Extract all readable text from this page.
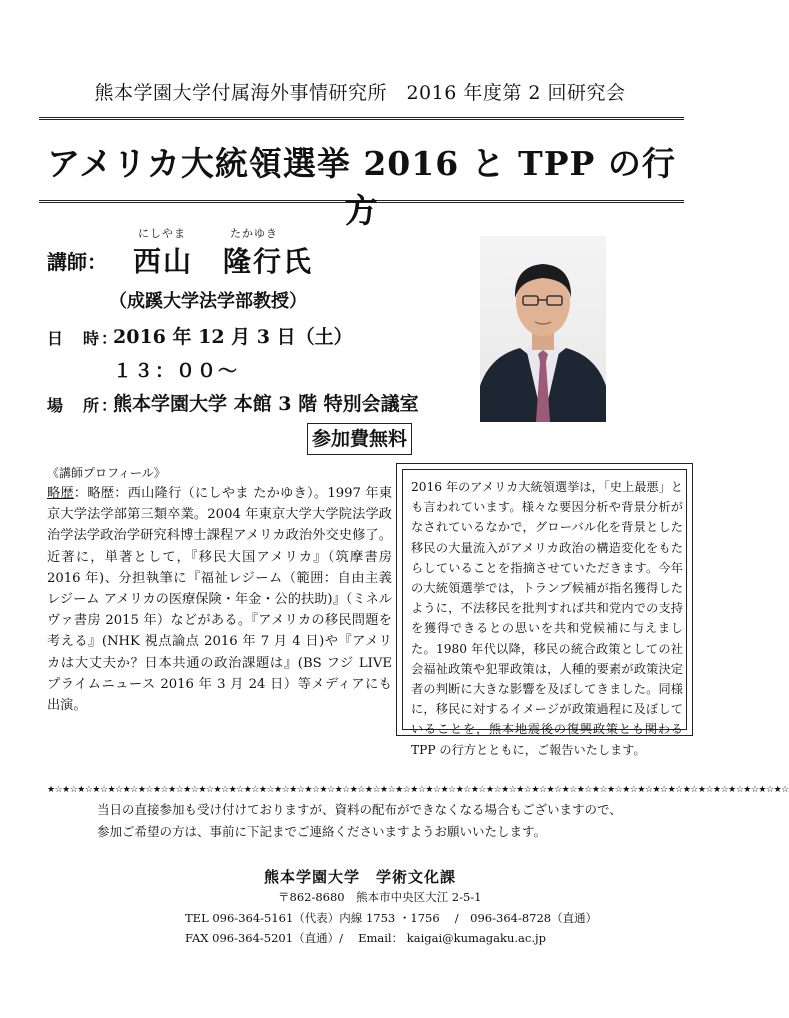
熊本学園大学付属海外事情研究所　2016 年度第 2 回研究会
アメリカ大統領選挙 2016 と TPP の行方
にしやま	たかゆき
講師： 西山　隆行氏
（成蹊大学法学部教授）
日　時：
2016 年 12 月 3 日（土）
１３：００～
場　所：
熊本学園大学 本館 3 階 特別会議室
参加費無料
《講師プロフィール》
略歴：略歴：西山隆行（にしやま たかゆき）。1997 年東京大学法学部第三類卒業。2004 年東京大学大学院法学政治学法学政治学研究科博士課程アメリカ政治外交史修了。近著に，単著として，『移民大国アメリカ』（筑摩書房 2016 年)、分担執筆に『福祉レジーム（範囲：自由主義レジーム アメリカの医療保険・年金・公的扶助)』（ミネルヴァ書房 2015 年）などがある。『アメリカの移民問題を考える』(NHK 視点論点 2016 年 7 月 4 日)や『アメリカは大丈夫か？日本共通の政治課題は』(BS フジ LIVE プライムニュース 2016 年 3 月 24 日）等メディアにも出演。
2016 年のアメリカ大統領選挙は，「史上最悪」とも言われています。様々な要因分析や背景分析がなされているなかで，グローバル化を背景とした移民の大量流入がアメリカ政治の構造変化をもたらしていることを指摘させていただきます。今年の大統領選挙では，トランプ候補が指名獲得したように，不法移民を批判すれば共和党内での支持を獲得できるとの思いを共和党候補に与えました。1980 年代以降，移民の統合政策としての社会福祉政策や犯罪政策は，人種的要素が政策決定者の判断に大きな影響を及ぼしてきました。同様に，移民に対するイメージが政策過程に及ぼしていることを，熊本地震後の復興政策とも関わる TPP の行方とともに，ご報告いたします。
★☆★☆★☆★☆★☆★☆★☆★☆★☆★☆★☆★☆★☆★☆★☆★☆★☆★☆★☆★☆★☆★☆★☆★☆★☆★☆★☆★☆★☆★☆★☆★☆★☆★☆★☆★☆★☆★☆★☆★☆★☆★☆★☆★☆★☆★☆★☆★☆★☆
当日の直接参加も受け付けておりますが、資料の配布ができなくなる場合もございますので、
参加ご希望の方は、事前に下記までご連絡くださいますようお願いいたします。
熊本学園大学　学術文化課
〒862-8680　熊本市中央区大江 2-5-1
TEL 096-364-5161（代表）内線 1753 ・1756　 /　096-364-8728（直通）
FAX 096-364-5201（直通）/　 Email： kaigai@kumagaku.ac.jp
